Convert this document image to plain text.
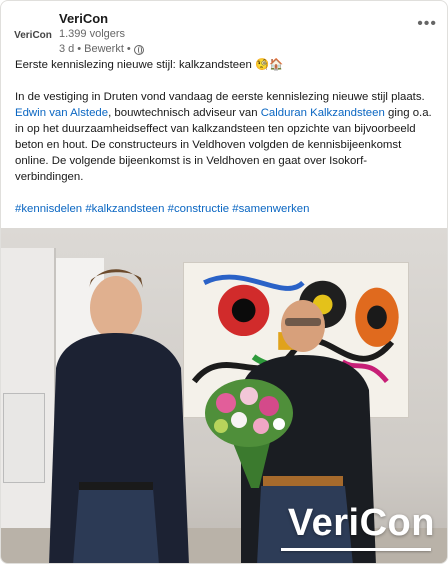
VeriCon
VeriCon
1.399 volgers
3 d • Bewerkt •
•••

Eerste kennislezing nieuwe stijl: kalkzandsteen 🧐🏠

In de vestiging in Druten vond vandaag de eerste kennislezing nieuwe stijl plaats.
Edwin van Alstede, bouwtechnisch adviseur van Calduran Kalkzandsteen ging o.a. in op het duurzaamheidseffect van kalkzandsteen ten opzichte van bijvoorbeeld beton en hout. De constructeurs in Veldhoven volgden de kennisbijeenkomst online. De volgende bijeenkomst is in Veldhoven en gaat over Isokorf-verbindingen.

#kennisdelen #kalkzandsteen #constructie #samenwerken

VeriCon
